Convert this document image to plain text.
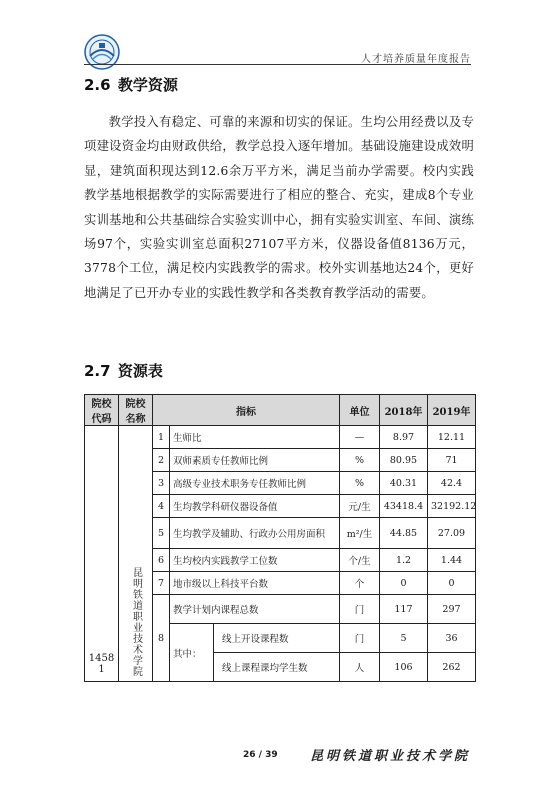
人才培养质量年度报告
2.6 教学资源
教学投入有稳定、可靠的来源和切实的保证。生均公用经费以及专项建设资金均由财政供给，教学总投入逐年增加。基础设施建设成效明显，建筑面积现达到12.6余万平方米，满足当前办学需要。校内实践教学基地根据教学的实际需要进行了相应的整合、充实，建成8个专业实训基地和公共基础综合实验实训中心，拥有实验实训室、车间、演练场97个，实验实训室总面积27107平方米，仪器设备值8136万元，3778个工位，满足校内实践教学的需求。校外实训基地达24个，更好地满足了已开办专业的实践性教学和各类教育教学活动的需要。
2.7 资源表
院校代码	院校名称	指标			单位	2018年	2019年
14581	昆明铁道职业技术学院	1	生师比		—	8.97	12.11
		2	双师素质专任教师比例		%	80.95	71
		3	高级专业技术职务专任教师比例		%	40.31	42.4
		4	生均教学科研仪器设备值		元/生	43418.4	32192.12
		5	生均教学及辅助、行政办公用房面积		m²/生	44.85	27.09
		6	生均校内实践教学工位数		个/生	1.2	1.44
		7	地市级以上科技平台数		个	0	0
		8	教学计划内课程总数		门	117	297
			其中：	线上开设课程数	门	5	36
				线上课程课均学生数	人	106	262
26 / 39 昆明铁道职业技术学院
